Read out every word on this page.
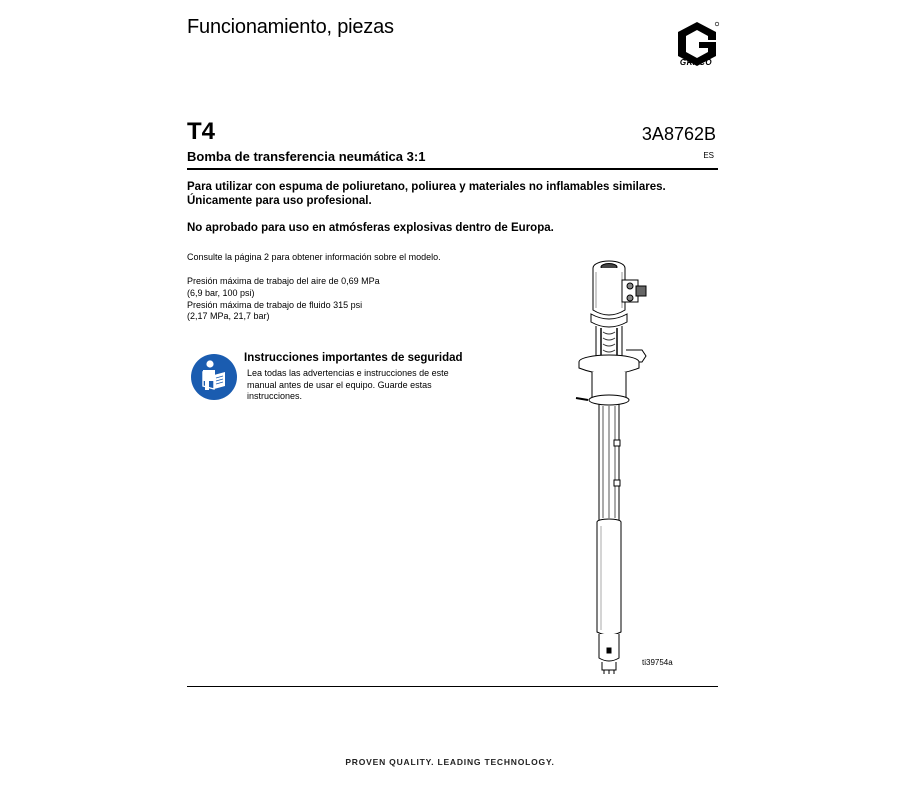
Funcionamiento, piezas
GRACO
T4	3A8762B
Bomba de transferencia neumática 3:1	ES
Para utilizar con espuma de poliuretano, poliurea y materiales no inflamables similares.
Únicamente para uso profesional.
No aprobado para uso en atmósferas explosivas dentro de Europa.
Consulte la página 2 para obtener información sobre el modelo.
Presión máxima de trabajo del aire de 0,69 MPa
(6,9 bar, 100 psi)
Presión máxima de trabajo de fluido 315 psi
(2,17 MPa, 21,7 bar)
Instrucciones importantes de seguridad
Lea todas las advertencias e instrucciones de este
manual antes de usar el equipo. Guarde estas
instrucciones.
ti39754a
PROVEN QUALITY. LEADING TECHNOLOGY.
